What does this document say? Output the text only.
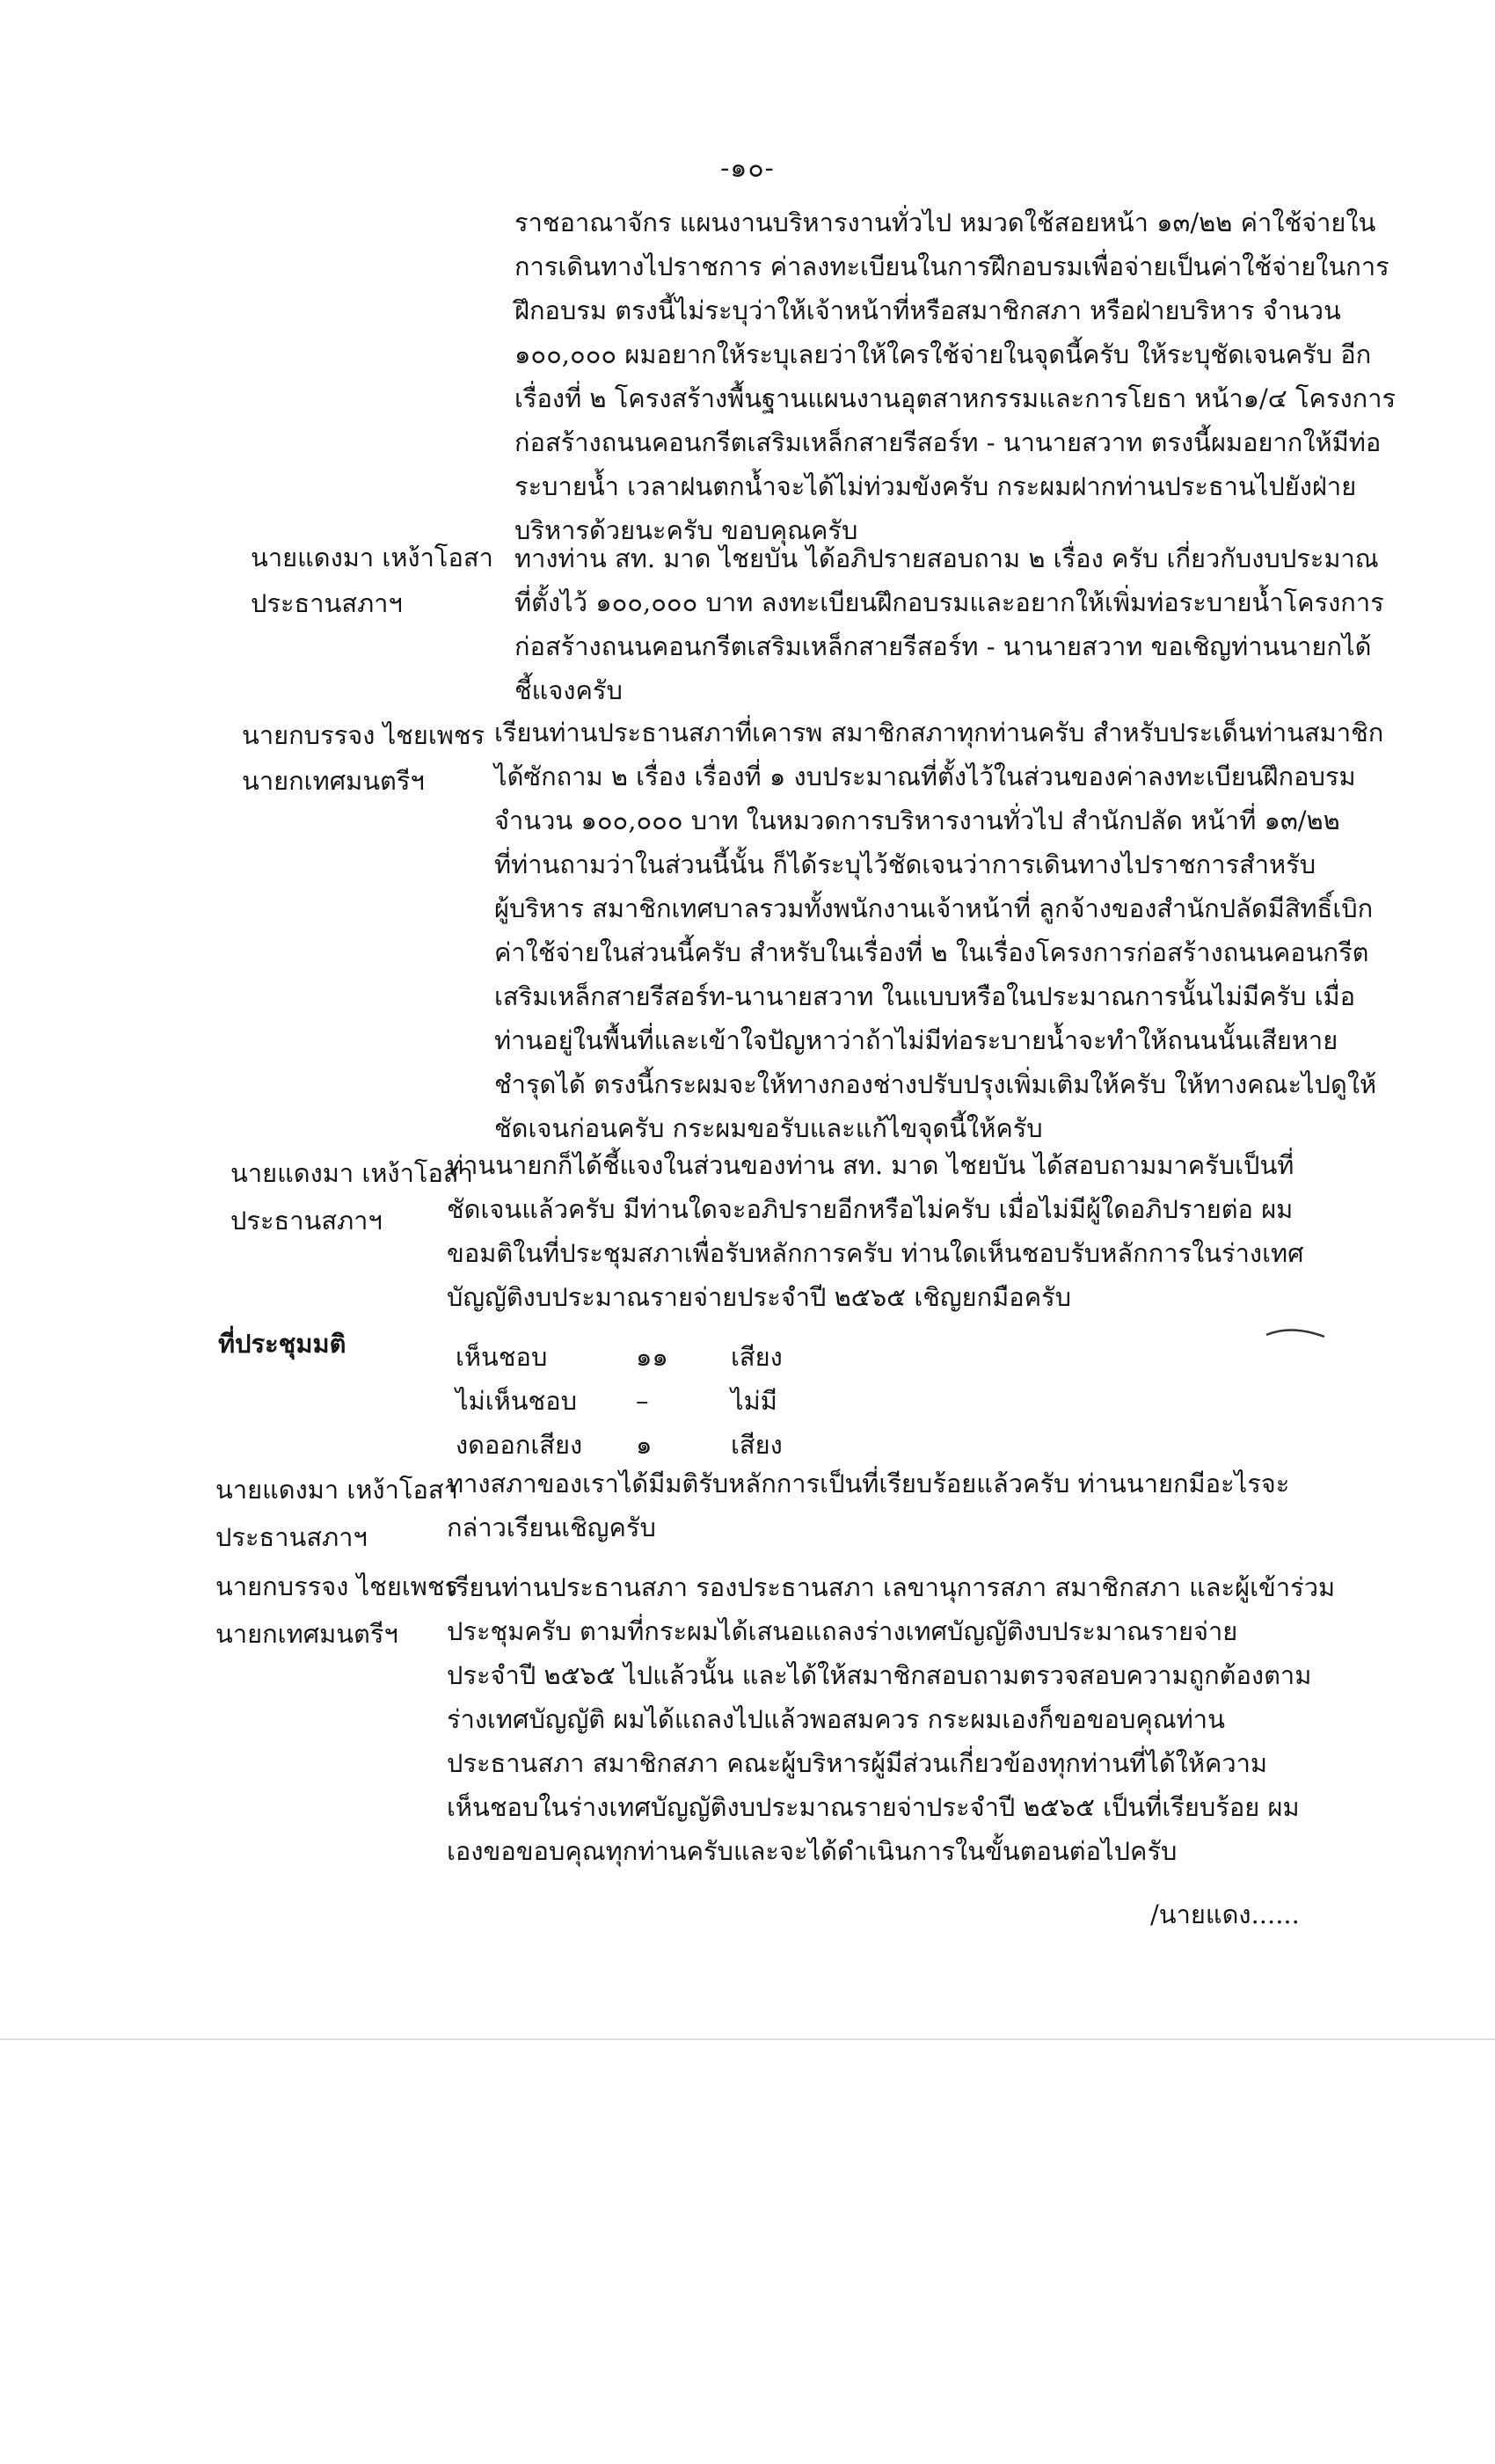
-๑๐-
ราชอาณาจักร แผนงานบริหารงานทั่วไป หมวดใช้สอยหน้า ๑๓/๒๒ ค่าใช้จ่ายใน
การเดินทางไปราชการ ค่าลงทะเบียนในการฝึกอบรมเพื่อจ่ายเป็นค่าใช้จ่ายในการ
ฝึกอบรม ตรงนี้ไม่ระบุว่าให้เจ้าหน้าที่หรือสมาชิกสภา หรือฝ่ายบริหาร จำนวน
๑๐๐,๐๐๐ ผมอยากให้ระบุเลยว่าให้ใครใช้จ่ายในจุดนี้ครับ ให้ระบุชัดเจนครับ อีก
เรื่องที่ ๒ โครงสร้างพื้นฐานแผนงานอุตสาหกรรมและการโยธา หน้า๑/๔ โครงการ
ก่อสร้างถนนคอนกรีตเสริมเหล็กสายรีสอร์ท - นานายสวาท ตรงนี้ผมอยากให้มีท่อ
ระบายน้ำ เวลาฝนตกน้ำจะได้ไม่ท่วมขังครับ กระผมฝากท่านประธานไปยังฝ่าย
บริหารด้วยนะครับ ขอบคุณครับ
นายแดงมา เหง้าโอสา
ประธานสภาฯ
ทางท่าน สท. มาด ไชยบัน ได้อภิปรายสอบถาม ๒ เรื่อง ครับ เกี่ยวกับงบประมาณ
ที่ตั้งไว้ ๑๐๐,๐๐๐ บาท ลงทะเบียนฝึกอบรมและอยากให้เพิ่มท่อระบายน้ำโครงการ
ก่อสร้างถนนคอนกรีตเสริมเหล็กสายรีสอร์ท - นานายสวาท ขอเชิญท่านนายกได้
ชี้แจงครับ
นายกบรรจง ไชยเพชร
นายกเทศมนตรีฯ
เรียนท่านประธานสภาที่เคารพ สมาชิกสภาทุกท่านครับ สำหรับประเด็นท่านสมาชิก
ได้ซักถาม ๒ เรื่อง เรื่องที่ ๑ งบประมาณที่ตั้งไว้ในส่วนของค่าลงทะเบียนฝึกอบรม
จำนวน ๑๐๐,๐๐๐ บาท ในหมวดการบริหารงานทั่วไป สำนักปลัด หน้าที่ ๑๓/๒๒
ที่ท่านถามว่าในส่วนนี้นั้น ก็ได้ระบุไว้ชัดเจนว่าการเดินทางไปราชการสำหรับ
ผู้บริหาร สมาชิกเทศบาลรวมทั้งพนักงานเจ้าหน้าที่ ลูกจ้างของสำนักปลัดมีสิทธิ์เบิก
ค่าใช้จ่ายในส่วนนี้ครับ สำหรับในเรื่องที่ ๒ ในเรื่องโครงการก่อสร้างถนนคอนกรีต
เสริมเหล็กสายรีสอร์ท-นานายสวาท ในแบบหรือในประมาณการนั้นไม่มีครับ เมื่อ
ท่านอยู่ในพื้นที่และเข้าใจปัญหาว่าถ้าไม่มีท่อระบายน้ำจะทำให้ถนนนั้นเสียหาย
ชำรุดได้ ตรงนี้กระผมจะให้ทางกองช่างปรับปรุงเพิ่มเติมให้ครับ ให้ทางคณะไปดูให้
ชัดเจนก่อนครับ กระผมขอรับและแก้ไขจุดนี้ให้ครับ
นายแดงมา เหง้าโอสา
ประธานสภาฯ
ท่านนายกก็ได้ชี้แจงในส่วนของท่าน สท. มาด ไชยบัน ได้สอบถามมาครับเป็นที่
ชัดเจนแล้วครับ มีท่านใดจะอภิปรายอีกหรือไม่ครับ เมื่อไม่มีผู้ใดอภิปรายต่อ ผม
ขอมติในที่ประชุมสภาเพื่อรับหลักการครับ ท่านใดเห็นชอบรับหลักการในร่างเทศ
บัญญัติงบประมาณรายจ่ายประจำปี ๒๕๖๕ เชิญยกมือครับ
ที่ประชุมมติ	เห็นชอบ	๑๑	เสียง
ไม่เห็นชอบ	–	ไม่มี
งดออกเสียง	๑	เสียง
นายแดงมา เหง้าโอสา
ประธานสภาฯ
ทางสภาของเราได้มีมติรับหลักการเป็นที่เรียบร้อยแล้วครับ ท่านนายกมีอะไรจะ
กล่าวเรียนเชิญครับ
นายกบรรจง ไชยเพชร
นายกเทศมนตรีฯ
เรียนท่านประธานสภา รองประธานสภา เลขานุการสภา สมาชิกสภา และผู้เข้าร่วม
ประชุมครับ ตามที่กระผมได้เสนอแถลงร่างเทศบัญญัติงบประมาณรายจ่าย
ประจำปี ๒๕๖๕ ไปแล้วนั้น และได้ให้สมาชิกสอบถามตรวจสอบความถูกต้องตาม
ร่างเทศบัญญัติ ผมได้แถลงไปแล้วพอสมควร กระผมเองก็ขอขอบคุณท่าน
ประธานสภา สมาชิกสภา คณะผู้บริหารผู้มีส่วนเกี่ยวข้องทุกท่านที่ได้ให้ความ
เห็นชอบในร่างเทศบัญญัติงบประมาณรายจ่าประจำปี ๒๕๖๕ เป็นที่เรียบร้อย ผม
เองขอขอบคุณทุกท่านครับและจะได้ดำเนินการในขั้นตอนต่อไปครับ
/นายแดง......
